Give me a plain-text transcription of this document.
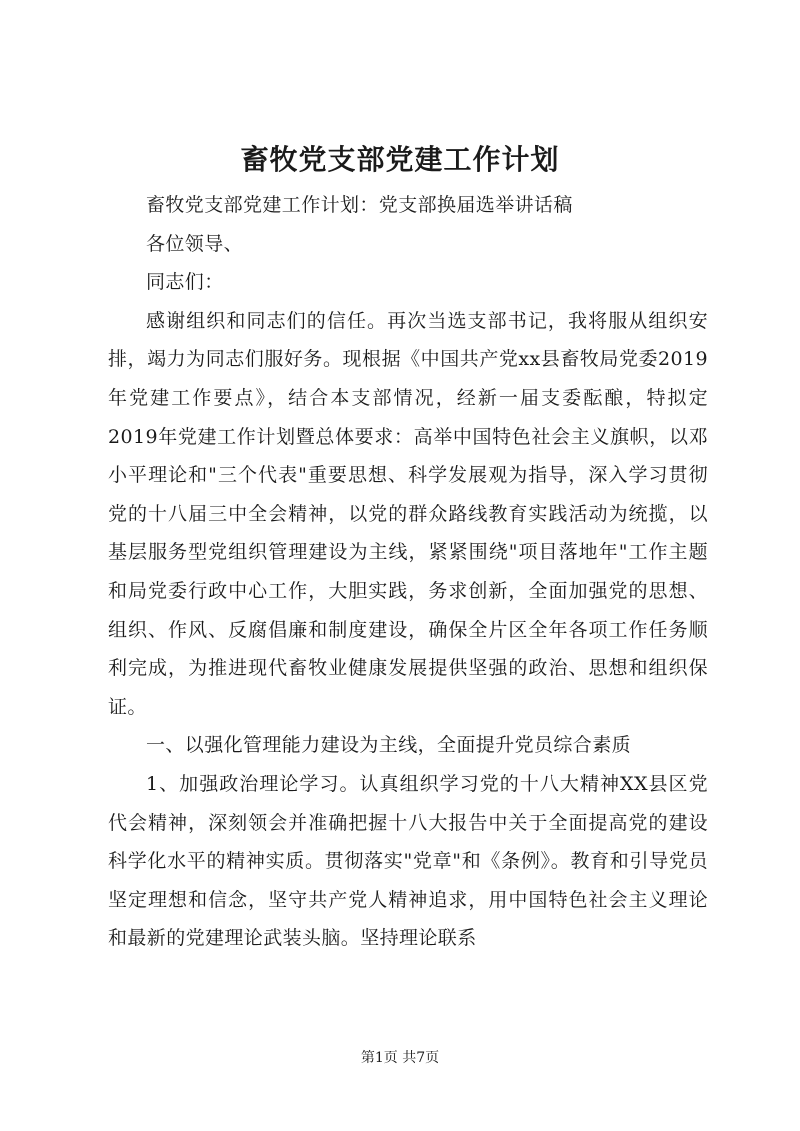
畜牧党支部党建工作计划

畜牧党支部党建工作计划：党支部换届选举讲话稿

各位领导、

同志们：

感谢组织和同志们的信任。再次当选支部书记，我将服从组织安排，竭力为同志们服好务。现根据《中国共产党xx县畜牧局党委2019年党建工作要点》，结合本支部情况，经新一届支委酝酿，特拟定2019年党建工作计划暨总体要求：高举中国特色社会主义旗帜，以邓小平理论和"三个代表"重要思想、科学发展观为指导，深入学习贯彻党的十八届三中全会精神，以党的群众路线教育实践活动为统揽，以基层服务型党组织管理建设为主线，紧紧围绕"项目落地年"工作主题和局党委行政中心工作，大胆实践，务求创新，全面加强党的思想、组织、作风、反腐倡廉和制度建设，确保全片区全年各项工作任务顺利完成，为推进现代畜牧业健康发展提供坚强的政治、思想和组织保证。

一、以强化管理能力建设为主线，全面提升党员综合素质

1、加强政治理论学习。认真组织学习党的十八大精神XX县区党代会精神，深刻领会并准确把握十八大报告中关于全面提高党的建设科学化水平的精神实质。贯彻落实"党章"和《条例》。教育和引导党员坚定理想和信念，坚守共产党人精神追求，用中国特色社会主义理论和最新的党建理论武装头脑。坚持理论联系

第1页 共7页
